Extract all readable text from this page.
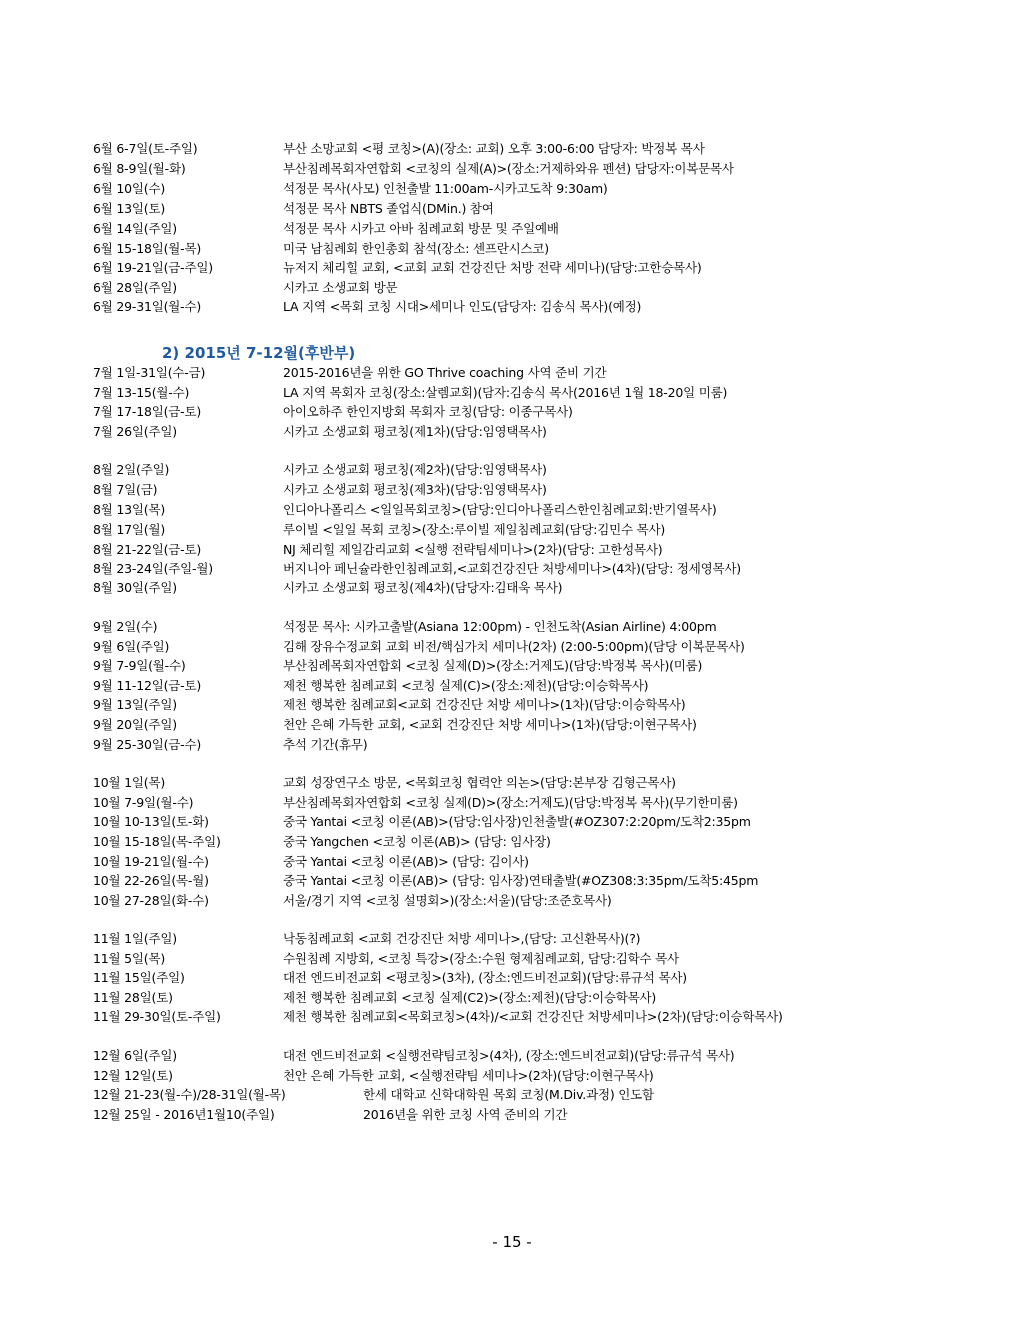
6월 6-7일(토-주일)	부산 소망교회 <평 코칭>(A)(장소: 교회) 오후 3:00-6:00 담당자: 박정복 목사
6월 8-9일(월-화)	부산침례목회자연합회 <코칭의 실제(A)>(장소:거제하와유 펜션) 담당자:이복문목사
6월 10일(수)	석정문 목사(사모) 인천출발 11:00am-시카고도착 9:30am)
6월 13일(토)	석정문 목사 NBTS 졸업식(DMin.) 참여
6월 14일(주일)	석정문 목사 시카고 아바 침례교회 방문 및 주일예배
6월 15-18일(월-목)	미국 남침례회 한인총회 참석(장소: 센프란시스코)
6월 19-21일(금-주일)	뉴저지 체리힐 교회, <교회 교회 건강진단 처방 전략 세미나)(담당:고한승목사)
6월 28일(주일)	시카고 소생교회 방문
6월 29-31일(월-수)	LA 지역 <목회 코칭 시대>세미나 인도(담당자: 김송식 목사)(예정)
2) 2015년 7-12월(후반부)
7월 1일-31일(수-금)	2015-2016년을 위한 GO Thrive coaching 사역 준비 기간
7월 13-15(월-수)	LA 지역 목회자 코칭(장소:살렘교회)(담자:김송식 목사(2016년 1월 18-20일 미룸)
7월 17-18일(금-토)	아이오하주 한인지방회 목회자 코칭(담당: 이종구목사)
7월 26일(주일)	시카고 소생교회 평코칭(제1차)(담당:임영택목사)
8월 2일(주일)	시카고 소생교회 평코칭(제2차)(담당:임영택목사)
8월 7일(금)	시카고 소생교회 평코칭(제3차)(담당:임영택목사)
8월 13일(목)	인디아나폴리스 <일일목회코칭>(담당:인디아나폴리스한인침례교회:반기열목사)
8월 17일(월)	루이빌 <일일 목회 코칭>(장소:루이빌 제일침례교회(담당:김민수 목사)
8월 21-22일(금-토)	NJ 체리힐 제일감리교회 <실행 전략팀세미나>(2차)(담당: 고한성목사)
8월 23-24일(주일-월)	버지니아 페닌슐라한인침례교회,<교회건강진단 처방세미나>(4차)(담당: 정세영목사)
8월 30일(주일)	시카고 소생교회 평코칭(제4차)(담당자:김태욱 목사)
9월 2일(수)	석정문 목사: 시카고출발(Asiana 12:00pm) - 인천도착(Asian Airline) 4:00pm
9월 6일(주일)	김해 장유수정교회 교회 비전/핵심가치 세미나(2차) (2:00-5:00pm)(담당 이복문목사)
9월 7-9일(월-수)	부산침례목회자연합회 <코칭 실제(D)>(장소:거제도)(담당:박정복 목사)(미룸)
9월 11-12일(금-토)	제천 행복한 침례교회 <코칭 실제(C)>(장소:제천)(담당:이승학목사)
9월 13일(주일)	제천 행복한 침례교회<교회 건강진단 처방 세미나>(1차)(담당:이승학목사)
9월 20일(주일)	천안 은혜 가득한 교회, <교회 건강진단 처방 세미나>(1차)(담당:이현구목사)
9월 25-30일(금-수)	추석 기간(휴무)
10월 1일(목)	교회 성장연구소 방문, <목회코칭 협력안 의논>(담당:본부장 김형근목사)
10월 7-9일(월-수)	부산침례목회자연합회 <코칭 실제(D)>(장소:거제도)(담당:박정복 목사)(무기한미룸)
10월 10-13일(토-화)	중국 Yantai <코칭 이론(AB)>(담당:임사장)인천출발(#OZ307:2:20pm/도착2:35pm
10월 15-18일(목-주일)	중국 Yangchen <코칭 이론(AB)> (담당: 임사장)
10월 19-21일(월-수)	중국 Yantai <코칭 이론(AB)> (담당: 김이사)
10월 22-26일(목-월)	중국 Yantai <코칭 이론(AB)> (담당: 임사장)연태출발(#OZ308:3:35pm/도착5:45pm
10월 27-28일(화-수)	서울/경기 지역 <코칭 설명회>)(장소:서울)(담당:조준호목사)
11월 1일(주일)	낙동침례교회 <교회 건강진단 처방 세미나>,(담당: 고신환목사)(?)
11월 5일(목)	수원침례 지방회, <코칭 특강>(장소:수원 형제침례교회, 담당:김학수 목사
11월 15일(주일)	대전 엔드비전교회 <평코칭>(3차), (장소:엔드비전교회)(담당:류규석 목사)
11월 28일(토)	제천 행복한 침례교회 <코칭 실제(C2)>(장소:제천)(담당:이승학목사)
11월 29-30일(토-주일)	제천 행복한 침례교회<목회코칭>(4차)/<교회 건강진단 처방세미나>(2차)(담당:이승학목사)
12월 6일(주일)	대전 엔드비전교회 <실행전략팀코칭>(4차), (장소:엔드비전교회)(담당:류규석 목사)
12월 12일(토)	천안 은혜 가득한 교회, <실행전략팀 세미나>(2차)(담당:이현구목사)
12월 21-23(월-수)/28-31일(월-목)	한세 대학교 신학대학원 목회 코칭(M.Div.과정) 인도함
12월 25일 - 2016년1월10(주일)	2016년을 위한 코칭 사역 준비의 기간
- 15 -
